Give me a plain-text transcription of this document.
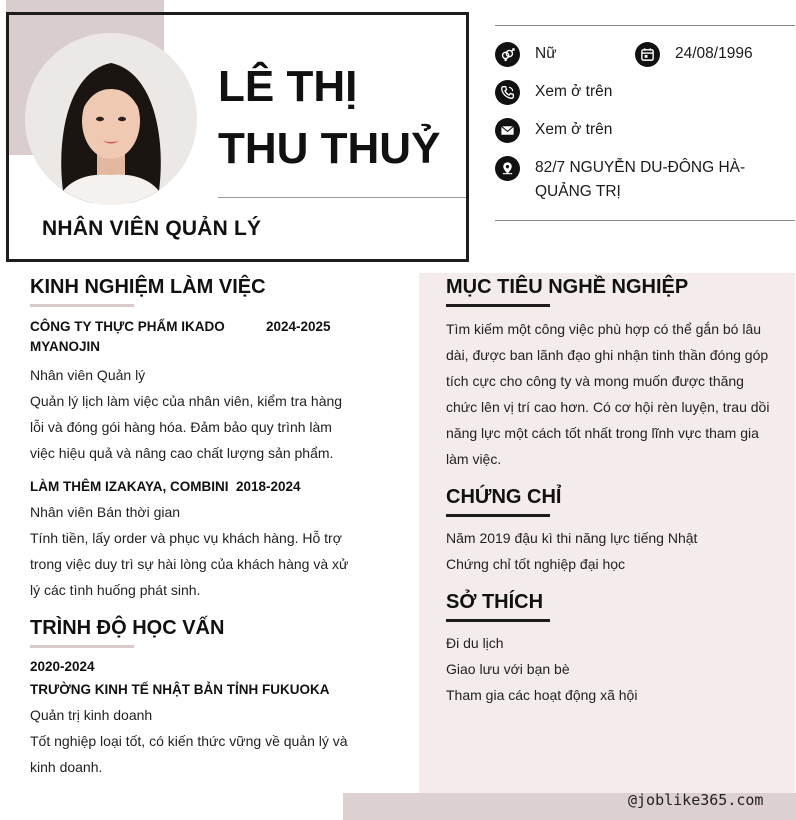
LÊ THỊ
THU THUỶ
NHÂN VIÊN QUẢN LÝ
Nữ	24/08/1996
Xem ở trên
Xem ở trên
82/7 NGUYỄN DU-ĐÔNG HÀ-
QUẢNG TRỊ
KINH NGHIỆM LÀM VIỆC
CÔNG TY THỰC PHẨM IKADO
MYANOJIN
2024-2025
Nhân viên Quản lý
Quản lý lịch làm việc của nhân viên, kiểm tra hàng
lỗi và đóng gói hàng hóa. Đảm bảo quy trình làm
việc hiệu quả và nâng cao chất lượng sản phẩm.
LÀM THÊM IZAKAYA, COMBINI 2018-2024
Nhân viên Bán thời gian
Tính tiền, lấy order và phục vụ khách hàng. Hỗ trợ
trong việc duy trì sự hài lòng của khách hàng và xử
lý các tình huống phát sinh.
TRÌNH ĐỘ HỌC VẤN
2020-2024
TRƯỜNG KINH TẾ NHẬT BẢN TỈNH FUKUOKA
Quản trị kinh doanh
Tốt nghiệp loại tốt, có kiến thức vững về quản lý và
kinh doanh.
MỤC TIÊU NGHỀ NGHIỆP
Tìm kiếm một công việc phù hợp có thể gắn bó lâu
dài, được ban lãnh đạo ghi nhận tinh thần đóng góp
tích cực cho công ty và mong muốn được thăng
chức lên vị trí cao hơn. Có cơ hội rèn luyện, trau dồi
năng lực một cách tốt nhất trong lĩnh vực tham gia
làm việc.
CHỨNG CHỈ
Năm 2019 đậu kì thi năng lực tiếng Nhật
Chứng chỉ tốt nghiệp đại học
SỞ THÍCH
Đi du lịch
Giao lưu với bạn bè
Tham gia các hoạt động xã hội
@joblike365.com
